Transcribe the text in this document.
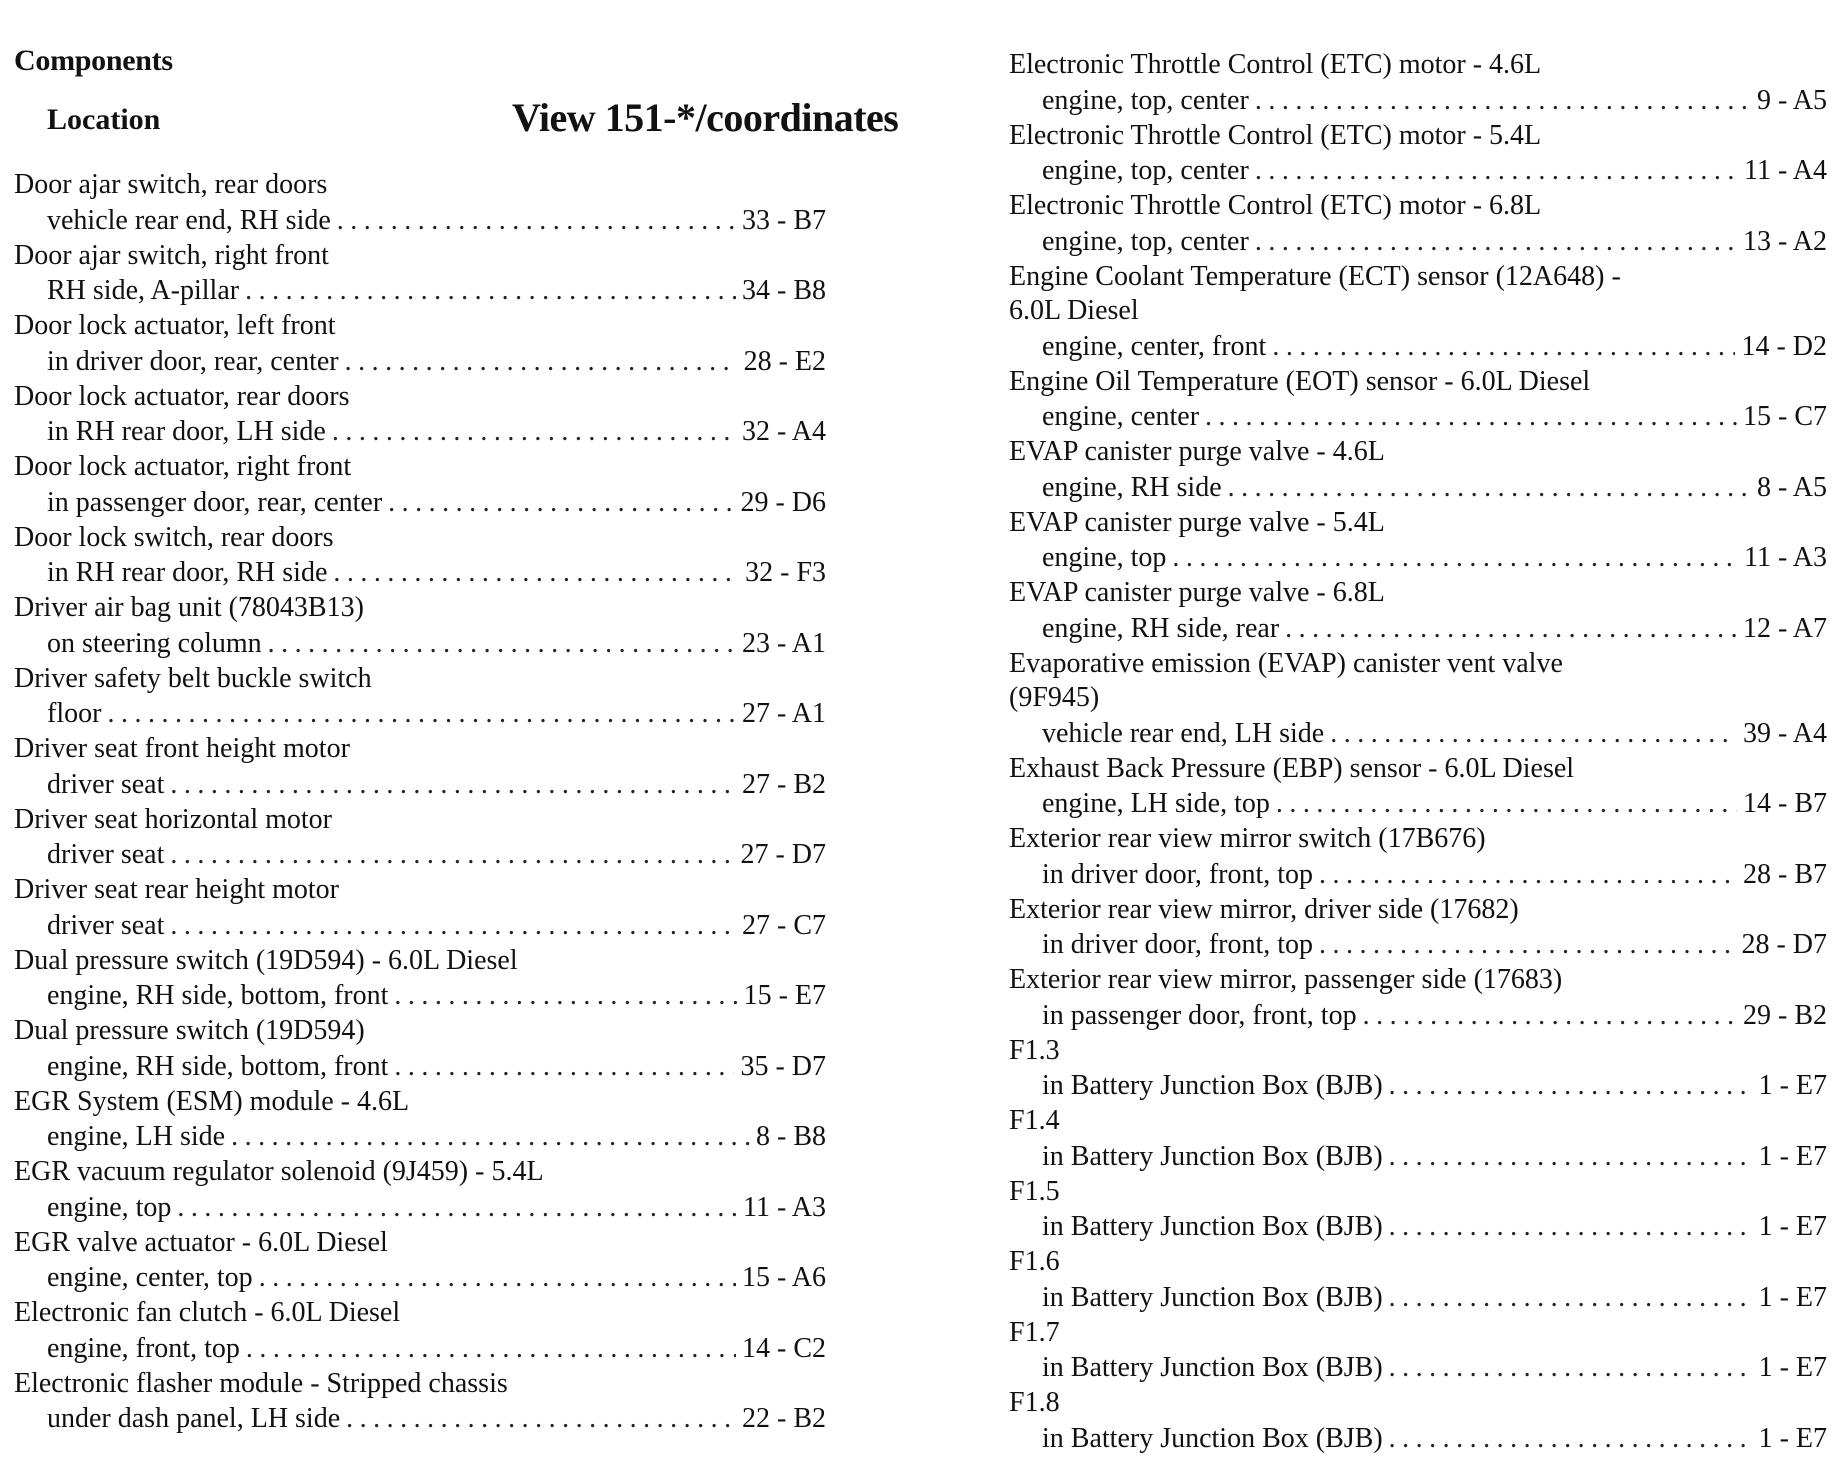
Components
Location	View 151-*/coordinates
Door ajar switch, rear doors
vehicle rear end, RH side .....	33 - B7
Door ajar switch, right front
RH side, A-pillar .....	34 - B8
Door lock actuator, left front
in driver door, rear, center .....	28 - E2
Door lock actuator, rear doors
in RH rear door, LH side .....	32 - A4
Door lock actuator, right front
in passenger door, rear, center .....	29 - D6
Door lock switch, rear doors
in RH rear door, RH side .....	32 - F3
Driver air bag unit (78043B13)
on steering column .....	23 - A1
Driver safety belt buckle switch
floor .....	27 - A1
Driver seat front height motor
driver seat .....	27 - B2
Driver seat horizontal motor
driver seat .....	27 - D7
Driver seat rear height motor
driver seat .....	27 - C7
Dual pressure switch (19D594) - 6.0L Diesel
engine, RH side, bottom, front .....	15 - E7
Dual pressure switch (19D594)
engine, RH side, bottom, front .....	35 - D7
EGR System (ESM) module - 4.6L
engine, LH side .....	8 - B8
EGR vacuum regulator solenoid (9J459) - 5.4L
engine, top .....	11 - A3
EGR valve actuator - 6.0L Diesel
engine, center, top .....	15 - A6
Electronic fan clutch - 6.0L Diesel
engine, front, top .....	14 - C2
Electronic flasher module - Stripped chassis
under dash panel, LH side .....	22 - B2
Electronic Throttle Control (ETC) motor - 4.6L
engine, top, center .....	9 - A5
Electronic Throttle Control (ETC) motor - 5.4L
engine, top, center .....	11 - A4
Electronic Throttle Control (ETC) motor - 6.8L
engine, top, center .....	13 - A2
Engine Coolant Temperature (ECT) sensor (12A648) -
6.0L Diesel
engine, center, front .....	14 - D2
Engine Oil Temperature (EOT) sensor - 6.0L Diesel
engine, center .....	15 - C7
EVAP canister purge valve - 4.6L
engine, RH side .....	8 - A5
EVAP canister purge valve - 5.4L
engine, top .....	11 - A3
EVAP canister purge valve - 6.8L
engine, RH side, rear .....	12 - A7
Evaporative emission (EVAP) canister vent valve
(9F945)
vehicle rear end, LH side .....	39 - A4
Exhaust Back Pressure (EBP) sensor - 6.0L Diesel
engine, LH side, top .....	14 - B7
Exterior rear view mirror switch (17B676)
in driver door, front, top .....	28 - B7
Exterior rear view mirror, driver side (17682)
in driver door, front, top .....	28 - D7
Exterior rear view mirror, passenger side (17683)
in passenger door, front, top .....	29 - B2
F1.3
in Battery Junction Box (BJB) .....	1 - E7
F1.4
in Battery Junction Box (BJB) .....	1 - E7
F1.5
in Battery Junction Box (BJB) .....	1 - E7
F1.6
in Battery Junction Box (BJB) .....	1 - E7
F1.7
in Battery Junction Box (BJB) .....	1 - E7
F1.8
in Battery Junction Box (BJB) .....	1 - E7
